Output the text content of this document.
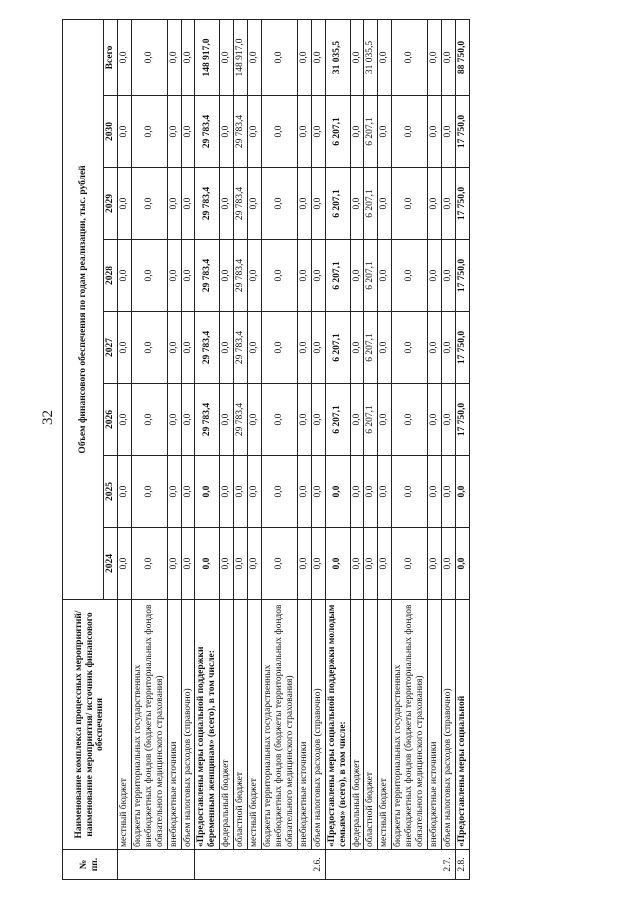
32
№ пп.	Наименование комплекса процессных мероприятий/наименование мероприятия/ источник финансового обеспечения	Объем финансового обеспечения по годам реализации, тыс. рублей							
		2024	2025	2026	2027	2028	2029	2030	Всего
	местный бюджет	0,0	0,0	0,0	0,0	0,0	0,0	0,0	0,0
	бюджеты территориальных государственных внебюджетных фондов (бюджеты территориальных фондов обязательного медицинского страхования)	0,0	0,0	0,0	0,0	0,0	0,0	0,0	0,0
	внебюджетные источники	0,0	0,0	0,0	0,0	0,0	0,0	0,0	0,0
	объем налоговых расходов (справочно)	0,0	0,0	0,0	0,0	0,0	0,0	0,0	0,0
2.6.	«Предоставлены меры социальной поддержки беременным женщинам» (всего), в том числе:	0,0	0,0	29 783,4	29 783,4	29 783,4	29 783,4	29 783,4	148 917,0
	федеральный бюджет	0,0	0,0	0,0	0,0	0,0	0,0	0,0	0,0
	областной бюджет	0,0	0,0	29 783,4	29 783,4	29 783,4	29 783,4	29 783,4	148 917,0
	местный бюджет	0,0	0,0	0,0	0,0	0,0	0,0	0,0	0,0
	бюджеты территориальных государственных внебюджетных фондов (бюджеты территориальных фондов обязательного медицинского страхования)	0,0	0,0	0,0	0,0	0,0	0,0	0,0	0,0
	внебюджетные источники	0,0	0,0	0,0	0,0	0,0	0,0	0,0	0,0
	объем налоговых расходов (справочно)	0,0	0,0	0,0	0,0	0,0	0,0	0,0	0,0
2.7.	«Предоставлены меры социальной поддержки молодым семьям» (всего), в том числе:	0,0	0,0	6 207,1	6 207,1	6 207,1	6 207,1	6 207,1	31 035,5
	федеральный бюджет	0,0	0,0	0,0	0,0	0,0	0,0	0,0	0,0
	областной бюджет	0,0	0,0	6 207,1	6 207,1	6 207,1	6 207,1	6 207,1	31 035,5
	местный бюджет	0,0	0,0	0,0	0,0	0,0	0,0	0,0	0,0
	бюджеты территориальных государственных внебюджетных фондов (бюджеты территориальных фондов обязательного медицинского страхования)	0,0	0,0	0,0	0,0	0,0	0,0	0,0	0,0
	внебюджетные источники	0,0	0,0	0,0	0,0	0,0	0,0	0,0	0,0
	объем налоговых расходов (справочно)	0,0	0,0	0,0	0,0	0,0	0,0	0,0	0,0
2.8.	«Предоставлены меры социальной	0,0	0,0	17 750,0	17 750,0	17 750,0	17 750,0	17 750,0	88 750,0
